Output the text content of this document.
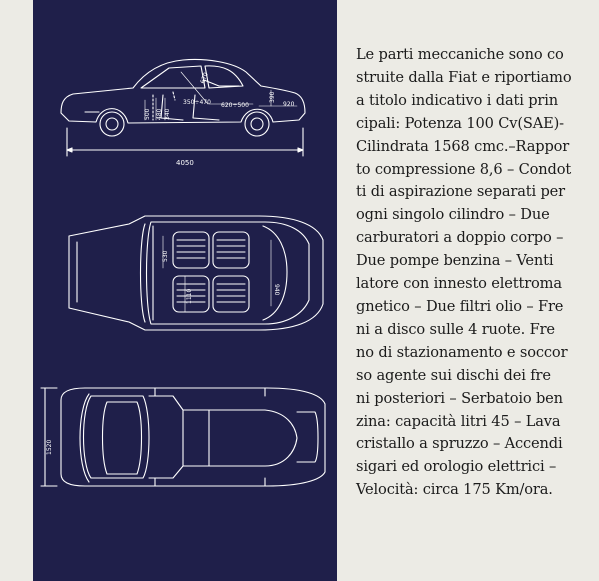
4050
670
350÷470 620÷500	920
390
480
500 340
530
1110	940
1520
Le parti meccaniche sono co
struite dalla Fiat e riportiamo
a titolo indicativo i dati prin
cipali: Potenza 100 Cv(SAE)-
Cilindrata 1568 cmc.–Rappor
to compressione 8,6 – Condot
ti di aspirazione separati per
ogni singolo cilindro – Due
carburatori a doppio corpo –
Due pompe benzina – Venti
latore con innesto elettroma
gnetico – Due filtri olio – Fre
ni a disco sulle 4 ruote. Fre
no di stazionamento e soccor
so agente sui dischi dei fre
ni posteriori – Serbatoio ben
zina: capacità litri 45 – Lava
cristallo a spruzzo – Accendi
sigari ed orologio elettrici –
Velocità: circa 175 Km/ora.
